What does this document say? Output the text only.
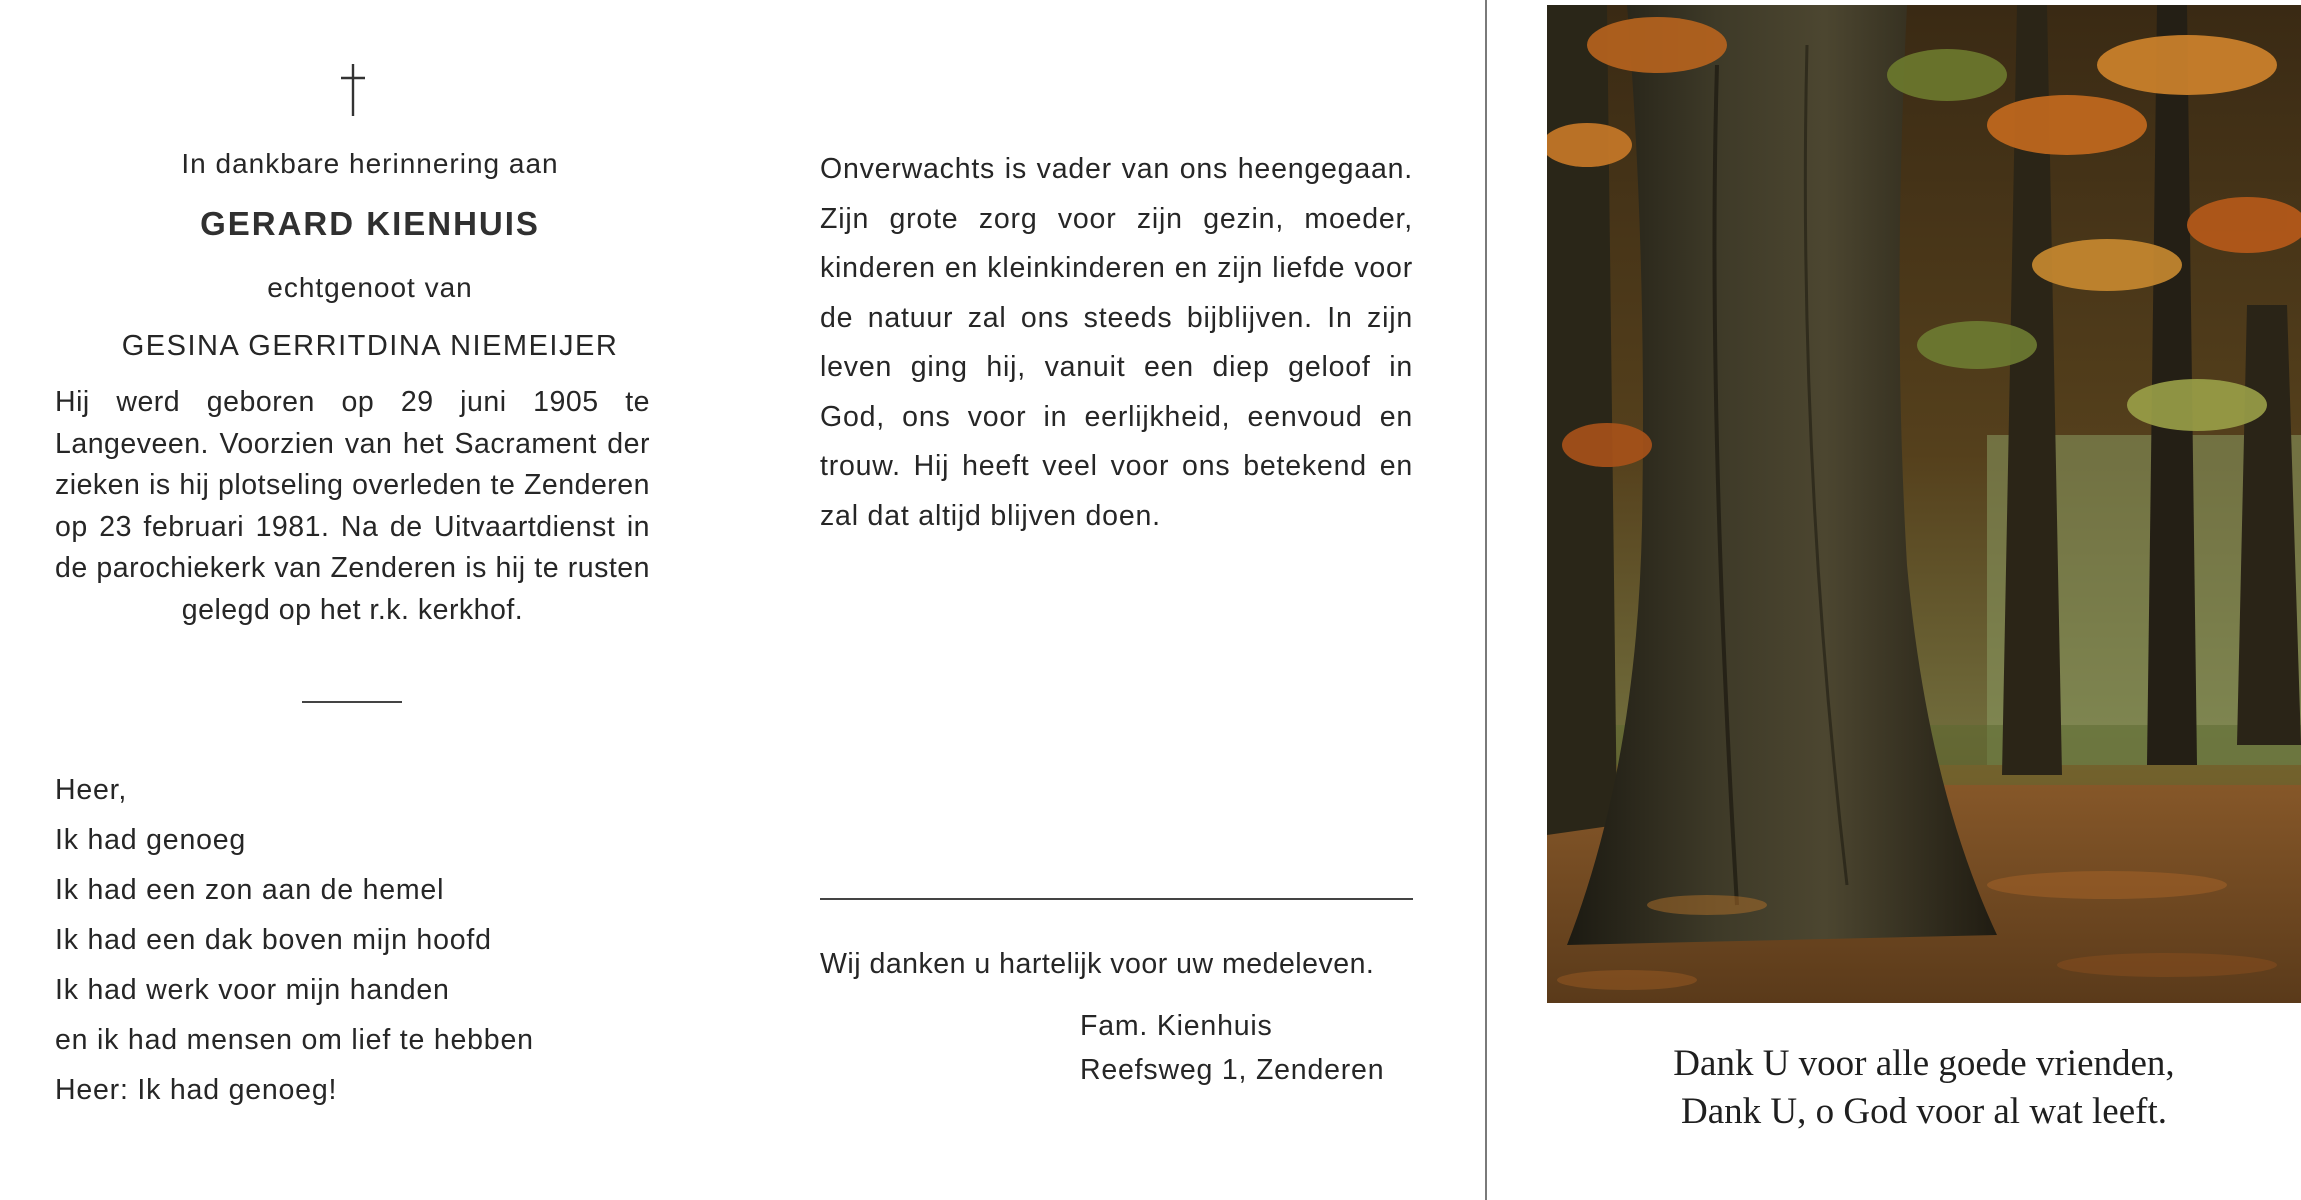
In dankbare herinnering aan

GERARD KIENHUIS

echtgenoot van

GESINA GERRITDINA NIEMEIJER

Hij werd geboren op 29 juni 1905 te Langeveen. Voorzien van het Sacrament der zieken is hij plotseling overleden te Zenderen op 23 februari 1981. Na de Uitvaartdienst in de parochiekerk van Zenderen is hij te rusten gelegd op het r.k. kerkhof.

Heer,
Ik had genoeg
Ik had een zon aan de hemel
Ik had een dak boven mijn hoofd
Ik had werk voor mijn handen
en ik had mensen om lief te hebben
Heer: Ik had genoeg!

Onverwachts is vader van ons heengegaan. Zijn grote zorg voor zijn gezin, moeder, kinderen en kleinkinderen en zijn liefde voor de natuur zal ons steeds bijblijven. In zijn leven ging hij, vanuit een diep geloof in God, ons voor in eerlijkheid, eenvoud en trouw. Hij heeft veel voor ons betekend en zal dat altijd blijven doen.

Wij danken u hartelijk voor uw medeleven.

Fam. Kienhuis

Reefsweg 1, Zenderen	Dank U voor alle goede vrienden,
Dank U, o God voor al wat leeft.
